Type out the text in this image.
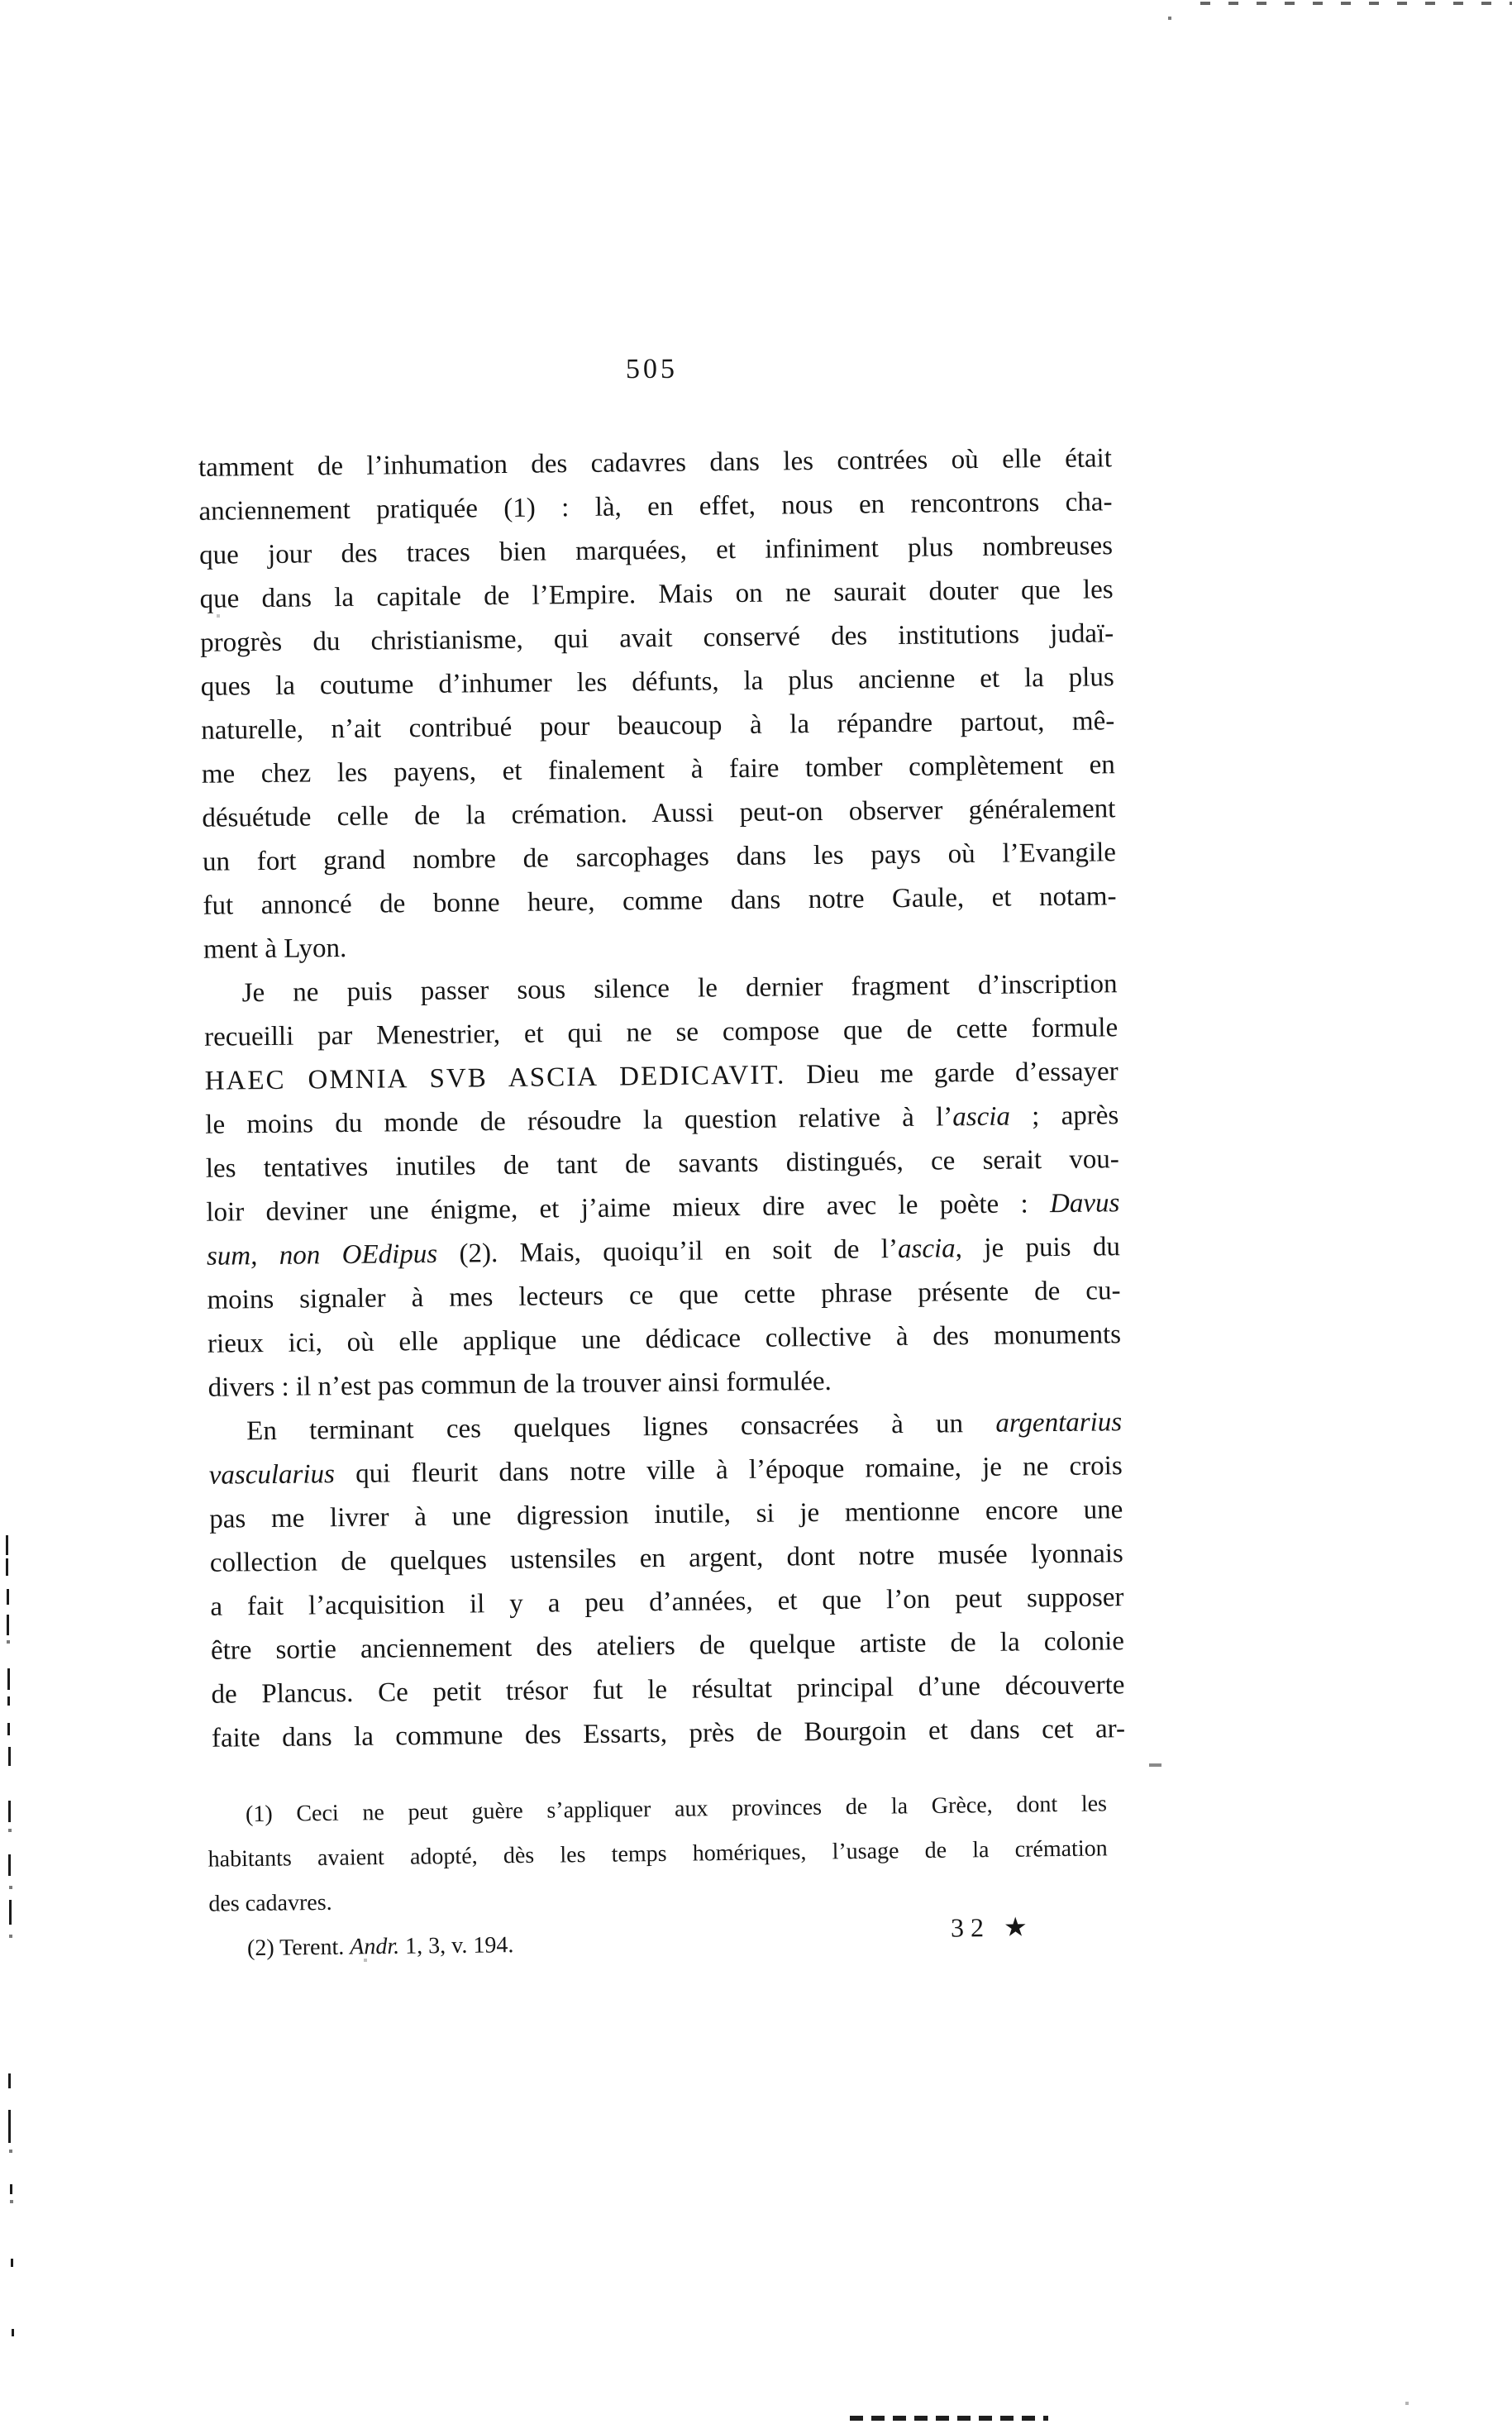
505
tamment de l’inhumation des cadavres dans les contrées où elle était
anciennement pratiquée (1) : là, en effet, nous en rencontrons cha-
que jour des traces bien marquées, et infiniment plus nombreuses
que dans la capitale de l’Empire. Mais on ne saurait douter que les
progrès du christianisme, qui avait conservé des institutions judaï-
ques la coutume d’inhumer les défunts, la plus ancienne et la plus
naturelle, n’ait contribué pour beaucoup à la répandre partout, mê-
me chez les payens, et finalement à faire tomber complètement en
désuétude celle de la crémation. Aussi peut-on observer généralement
un fort grand nombre de sarcophages dans les pays où l’Evangile
fut annoncé de bonne heure, comme dans notre Gaule, et notam-
ment à Lyon.
Je ne puis passer sous silence le dernier fragment d’inscription
recueilli par Menestrier, et qui ne se compose que de cette formule
HAEC OMNIA SVB ASCIA DEDICAVIT. Dieu me garde d’essayer
le moins du monde de résoudre la question relative à l’ascia ; après
les tentatives inutiles de tant de savants distingués, ce serait vou-
loir deviner une énigme, et j’aime mieux dire avec le poète : Davus
sum, non OEdipus (2). Mais, quoiqu’il en soit de l’ascia, je puis du
moins signaler à mes lecteurs ce que cette phrase présente de cu-
rieux ici, où elle applique une dédicace collective à des monuments
divers : il n’est pas commun de la trouver ainsi formulée.
En terminant ces quelques lignes consacrées à un argentarius
vascularius qui fleurit dans notre ville à l’époque romaine, je ne crois
pas me livrer à une digression inutile, si je mentionne encore une
collection de quelques ustensiles en argent, dont notre musée lyonnais
a fait l’acquisition il y a peu d’années, et que l’on peut supposer
être sortie anciennement des ateliers de quelque artiste de la colonie
de Plancus. Ce petit trésor fut le résultat principal d’une découverte
faite dans la commune des Essarts, près de Bourgoin et dans cet ar-
(1) Ceci ne peut guère s’appliquer aux provinces de la Grèce, dont les
habitants avaient adopté, dès les temps homériques, l’usage de la crémation
des cadavres.
(2) Terent. Andr. 1, 3, v. 194.
32 ★
